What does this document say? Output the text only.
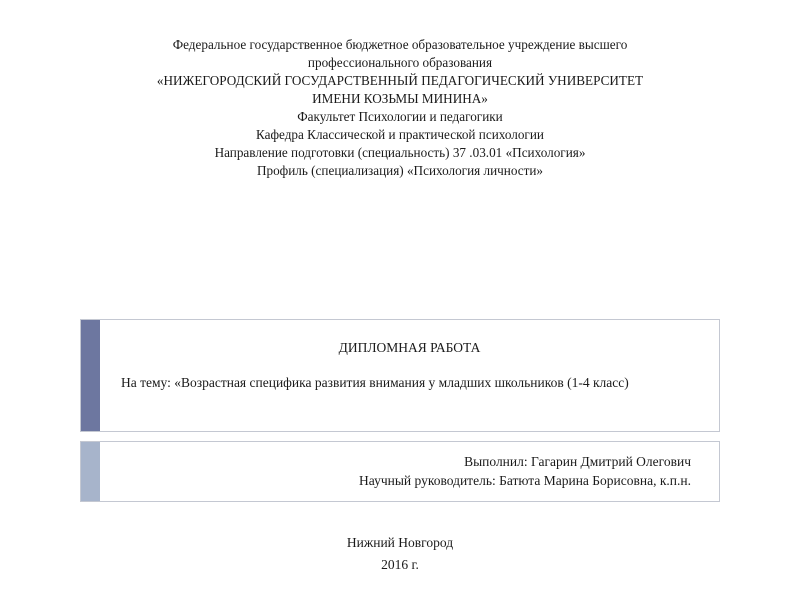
Федеральное государственное бюджетное образовательное учреждение высшего
профессионального образования
«НИЖЕГОРОДСКИЙ ГОСУДАРСТВЕННЫЙ ПЕДАГОГИЧЕСКИЙ УНИВЕРСИТЕТ
ИМЕНИ КОЗЬМЫ МИНИНА»
Факультет Психологии и педагогики
Кафедра Классической и практической психологии
Направление подготовки (специальность) 37 .03.01 «Психология»
Профиль (специализация) «Психология личности»
ДИПЛОМНАЯ РАБОТА
На тему: «Возрастная специфика развития внимания у младших школьников (1-4 класс)
Выполнил: Гагарин Дмитрий Олегович
Научный руководитель: Батюта Марина Борисовна, к.п.н.
Нижний Новгород
2016 г.
